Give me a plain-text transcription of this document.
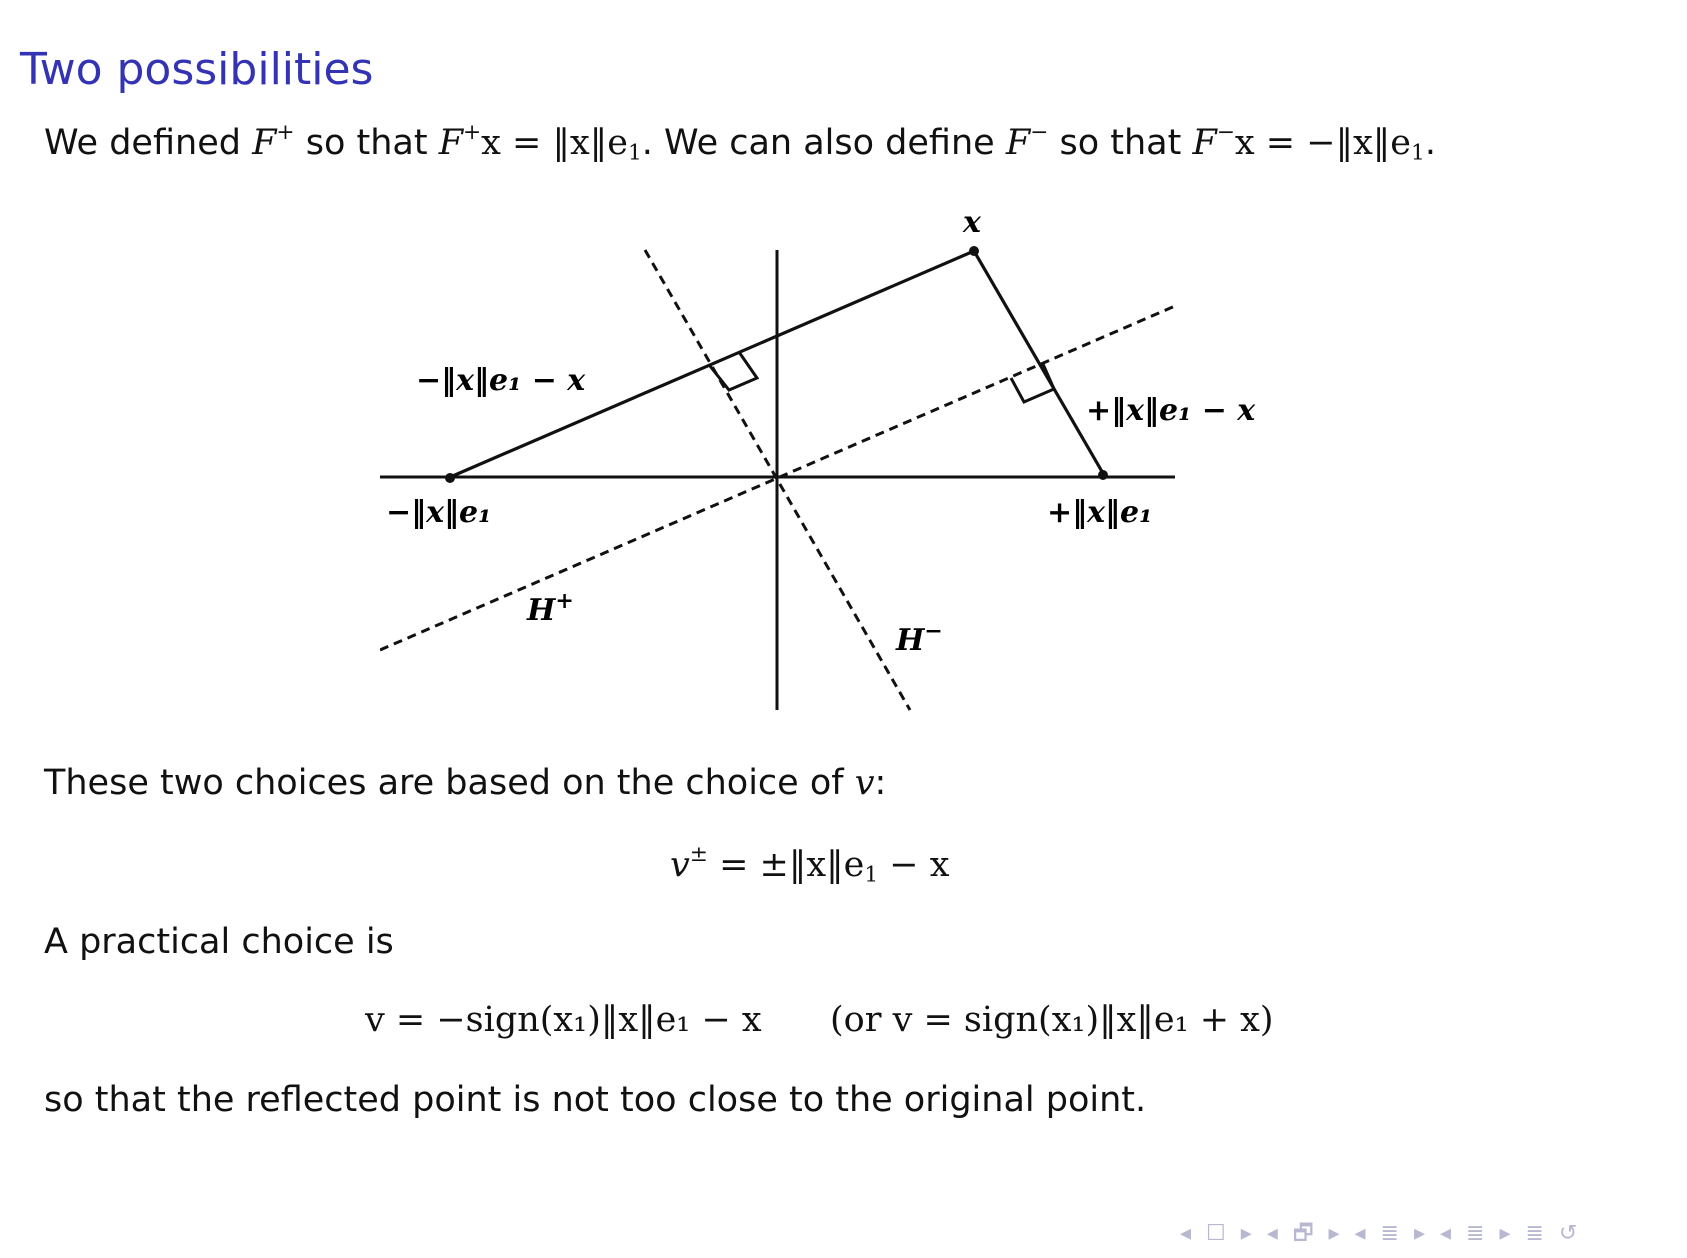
Two possibilities
We defined F+ so that $F^+x = ‖x‖e_1$. We can also define F− so that $F^-x = -‖x‖e_1$.
x
−‖x‖e₁ − x
+‖x‖e₁ − x
−‖x‖e₁	+‖x‖e₁
H+
H−
These two choices are based on the choice of v:
$v^\pm = \pm‖x‖e_1 - x$
A practical choice is
v = −sign(x₁)‖x‖e₁ − x (or v = sign(x₁)‖x‖e₁ + x)
so that the reflected point is not too close to the original point.
◂ ☐ ▸ ◂ 🗗 ▸ ◂ ≣ ▸ ◂ ≣ ▸ ≣ ↺
